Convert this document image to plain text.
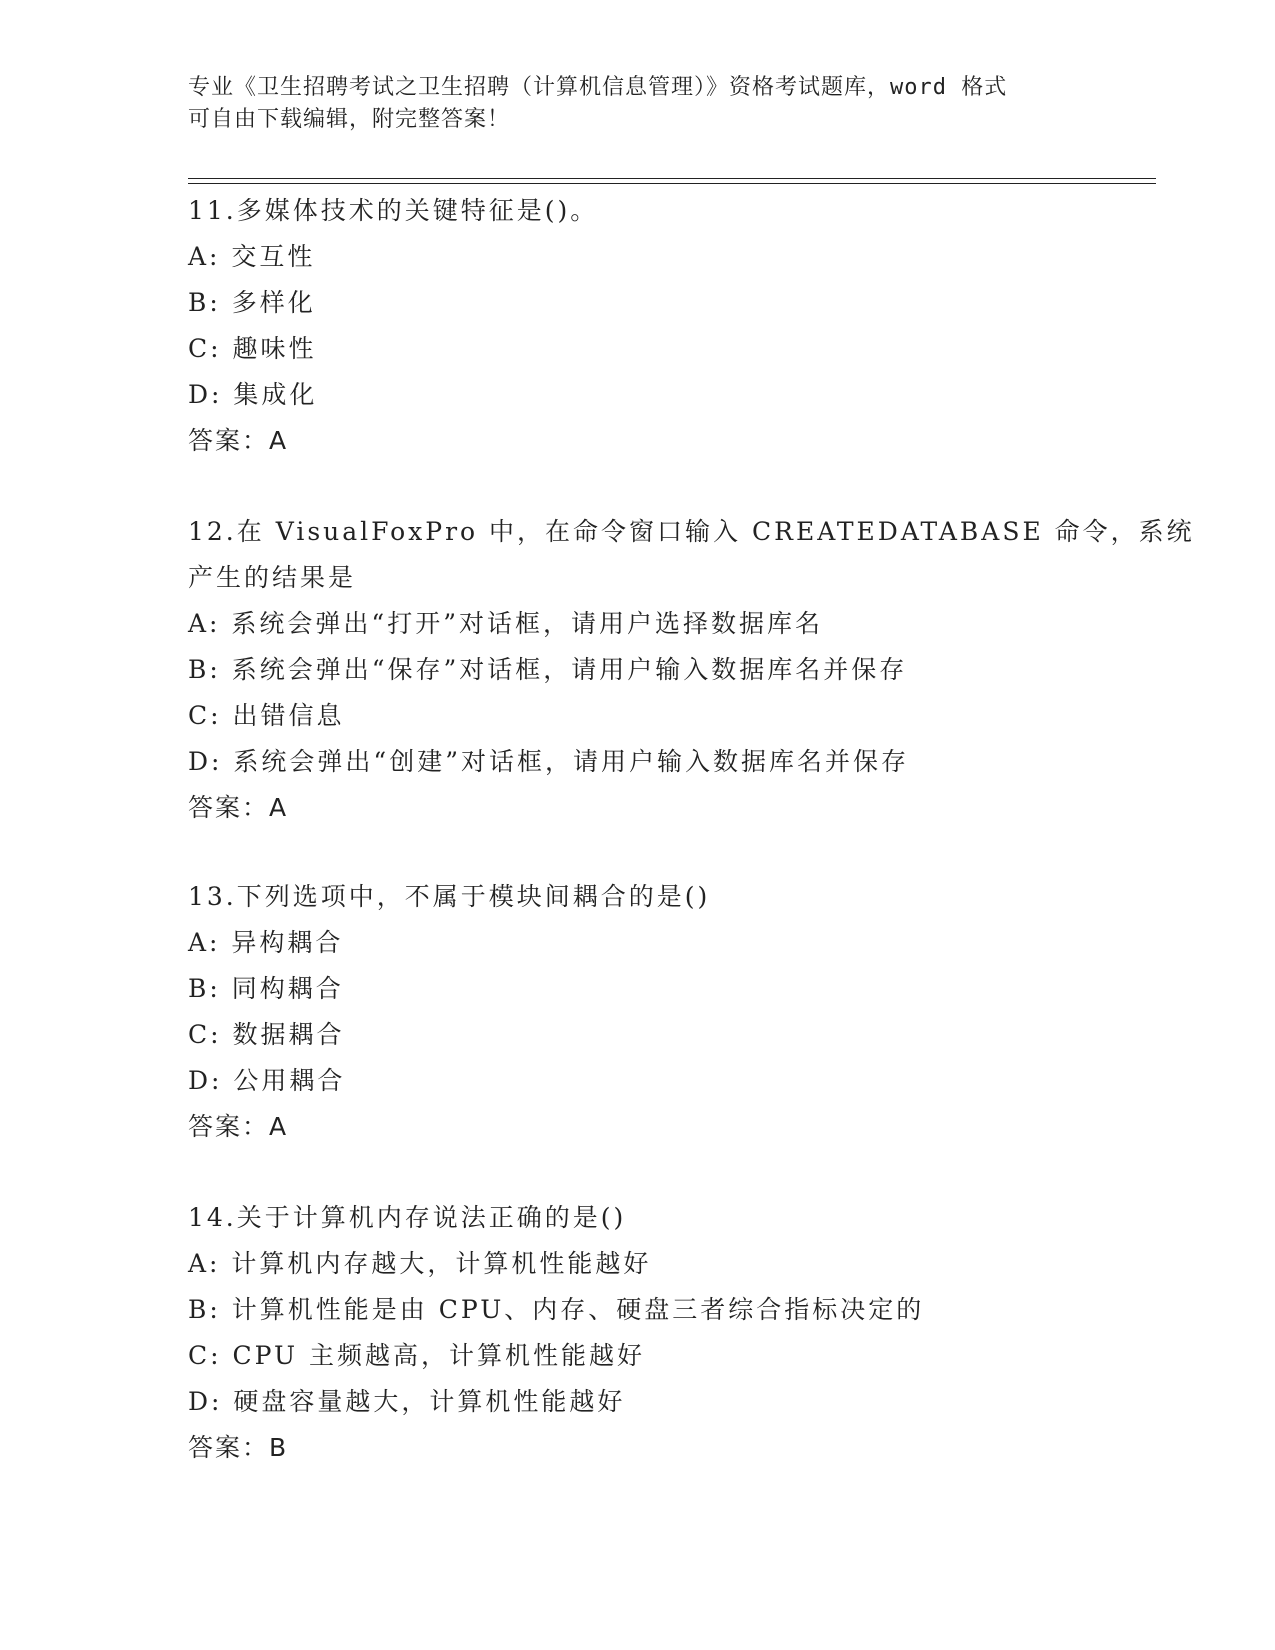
专业《卫生招聘考试之卫生招聘（计算机信息管理）》资格考试题库，word 格式
可自由下载编辑，附完整答案！
11.多媒体技术的关键特征是()。
A: 交互性
B: 多样化
C: 趣味性
D: 集成化
答案：A
12.在 VisualFoxPro 中，在命令窗口输入 CREATEDATABASE 命令，系统
产生的结果是
A: 系统会弹出“打开”对话框，请用户选择数据库名
B: 系统会弹出“保存”对话框，请用户输入数据库名并保存
C: 出错信息
D: 系统会弹出“创建”对话框，请用户输入数据库名并保存
答案：A
13.下列选项中，不属于模块间耦合的是()
A: 异构耦合
B: 同构耦合
C: 数据耦合
D: 公用耦合
答案：A
14.关于计算机内存说法正确的是()
A: 计算机内存越大，计算机性能越好
B: 计算机性能是由 CPU、内存、硬盘三者综合指标决定的
C: CPU 主频越高，计算机性能越好
D: 硬盘容量越大，计算机性能越好
答案：B
